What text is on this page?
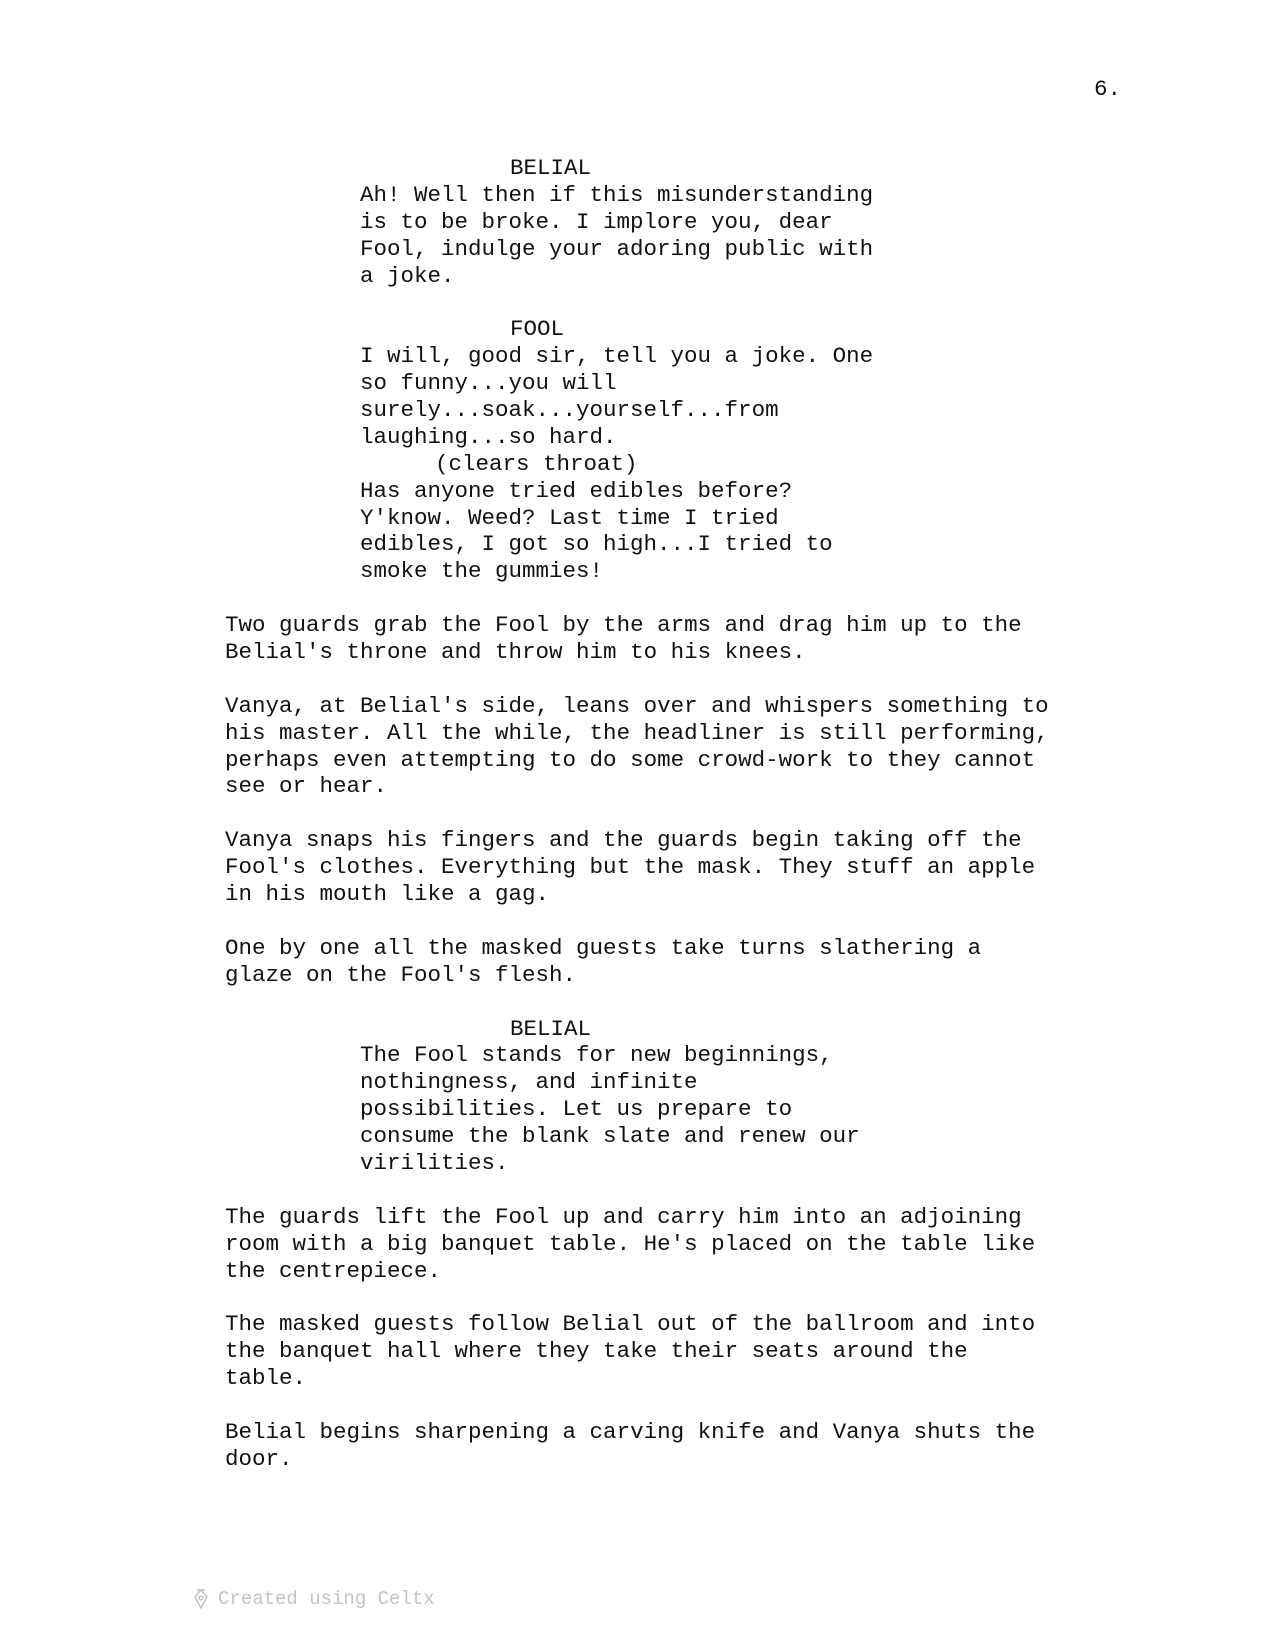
6.
BELIAL
Ah! Well then if this misunderstanding
is to be broke. I implore you, dear
Fool, indulge your adoring public with
a joke.
FOOL
I will, good sir, tell you a joke. One
so funny...you will
surely...soak...yourself...from
laughing...so hard.
(clears throat)
Has anyone tried edibles before?
Y'know. Weed? Last time I tried
edibles, I got so high...I tried to
smoke the gummies!
Two guards grab the Fool by the arms and drag him up to the
Belial's throne and throw him to his knees.
Vanya, at Belial's side, leans over and whispers something to
his master. All the while, the headliner is still performing,
perhaps even attempting to do some crowd-work to they cannot
see or hear.
Vanya snaps his fingers and the guards begin taking off the
Fool's clothes. Everything but the mask. They stuff an apple
in his mouth like a gag.
One by one all the masked guests take turns slathering a
glaze on the Fool's flesh.
BELIAL
The Fool stands for new beginnings,
nothingness, and infinite
possibilities. Let us prepare to
consume the blank slate and renew our
virilities.
The guards lift the Fool up and carry him into an adjoining
room with a big banquet table. He's placed on the table like
the centrepiece.
The masked guests follow Belial out of the ballroom and into
the banquet hall where they take their seats around the
table.
Belial begins sharpening a carving knife and Vanya shuts the
door.
Created using Celtx
